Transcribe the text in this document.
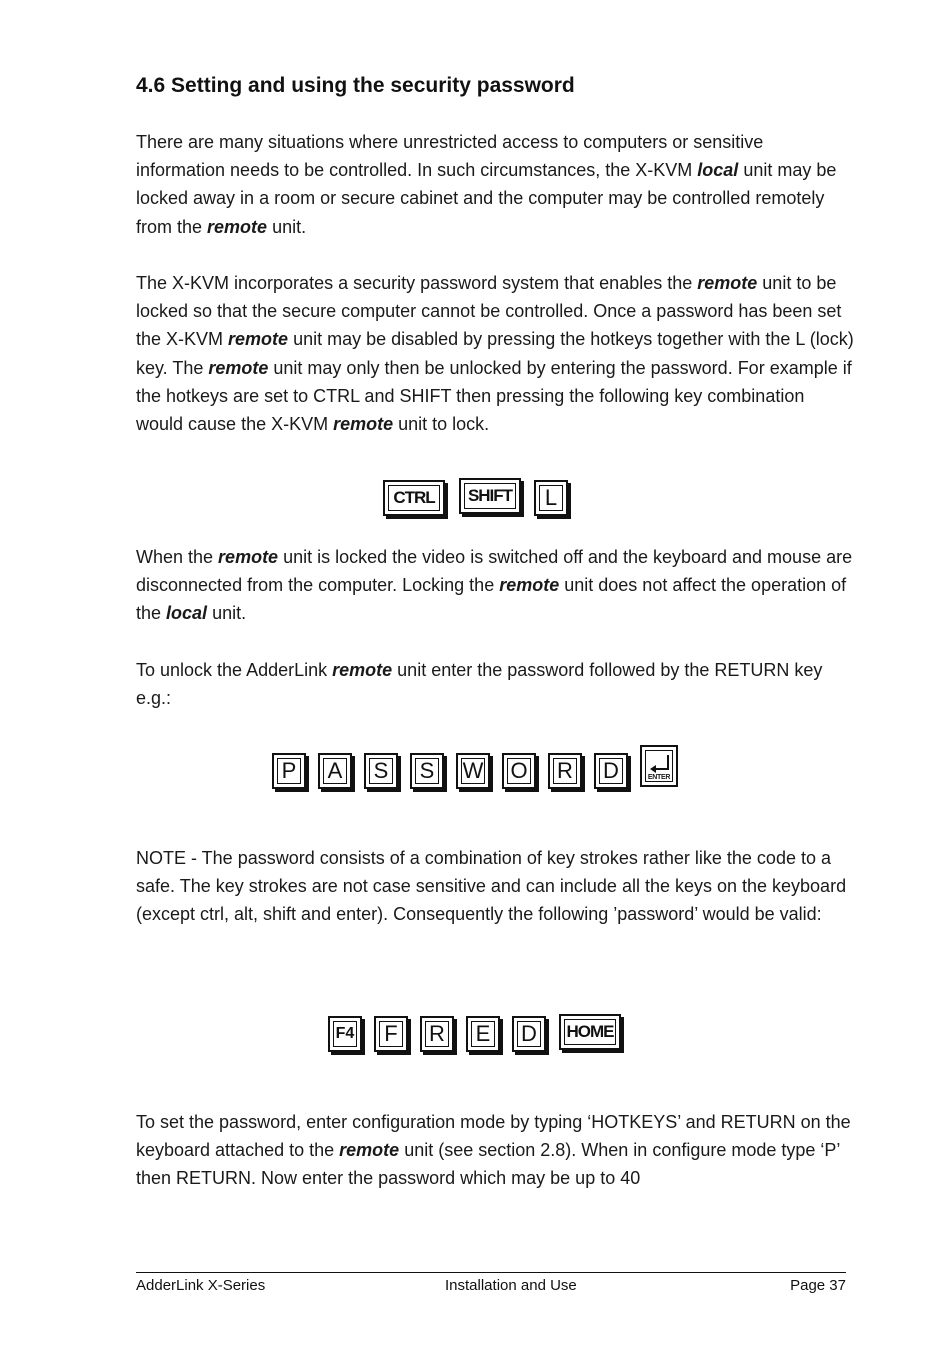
4.6 Setting and using the security password

There are many situations where unrestricted access to computers or sensitive information needs to be controlled. In such circumstances, the X-KVM local unit may be locked away in a room or secure cabinet and the computer may be controlled remotely from the remote unit.

The X-KVM incorporates a security password system that enables the remote unit to be locked so that the secure computer cannot be controlled. Once a password has been set the X-KVM remote unit may be disabled by pressing the hotkeys together with the L (lock) key. The remote unit may only then be unlocked by entering the password. For example if the hotkeys are set to CTRL and SHIFT then pressing the following key combination would cause the X-KVM remote unit to lock.

CTRL SHIFT L

When the remote unit is locked the video is switched off and the keyboard and mouse are disconnected from the computer. Locking the remote unit does not affect the operation of the local unit.

To unlock the AdderLink remote unit enter the password followed by the RETURN key e.g.:

P A S S W O R D	ENTER

NOTE - The password consists of a combination of key strokes rather like the code to a safe. The key strokes are not case sensitive and can include all the keys on the keyboard (except ctrl, alt, shift and enter). Consequently the following ’password’ would be valid:

F4 F R E D HOME

To set the password, enter configuration mode by typing ‘HOTKEYS’ and RETURN on the keyboard attached to the remote unit (see section 2.8). When in configure mode type ‘P’ then RETURN. Now enter the password which may be up to 40

AdderLink X-Series	Installation and Use	Page 37
